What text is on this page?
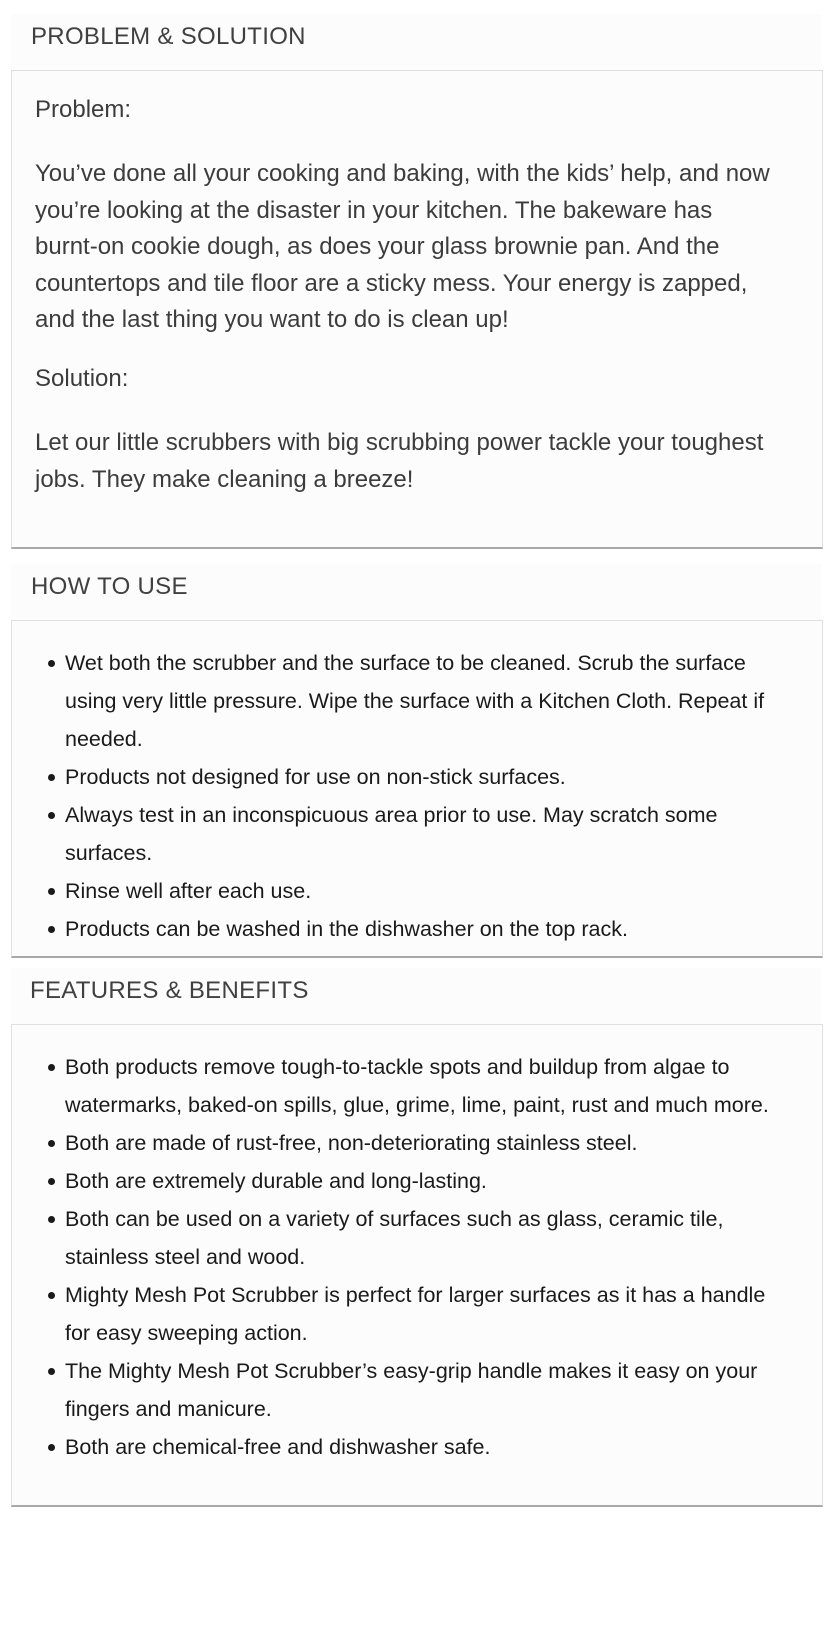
PROBLEM & SOLUTION

Problem:

You’ve done all your cooking and baking, with the kids’ help, and now you’re looking at the disaster in your kitchen. The bakeware has burnt-on cookie dough, as does your glass brownie pan. And the countertops and tile floor are a sticky mess. Your energy is zapped, and the last thing you want to do is clean up!

Solution:

Let our little scrubbers with big scrubbing power tackle your toughest jobs. They make cleaning a breeze!

HOW TO USE
Wet both the scrubber and the surface to be cleaned. Scrub the surface using very little pressure. Wipe the surface with a Kitchen Cloth. Repeat if needed.
Products not designed for use on non-stick surfaces.
Always test in an inconspicuous area prior to use. May scratch some surfaces.
Rinse well after each use.
Products can be washed in the dishwasher on the top rack.
FEATURES & BENEFITS
Both products remove tough-to-tackle spots and buildup from algae to watermarks, baked-on spills, glue, grime, lime, paint, rust and much more.
Both are made of rust-free, non-deteriorating stainless steel.
Both are extremely durable and long-lasting.
Both can be used on a variety of surfaces such as glass, ceramic tile, stainless steel and wood.
Mighty Mesh Pot Scrubber is perfect for larger surfaces as it has a handle for easy sweeping action.
The Mighty Mesh Pot Scrubber’s easy-grip handle makes it easy on your fingers and manicure.
Both are chemical-free and dishwasher safe.
